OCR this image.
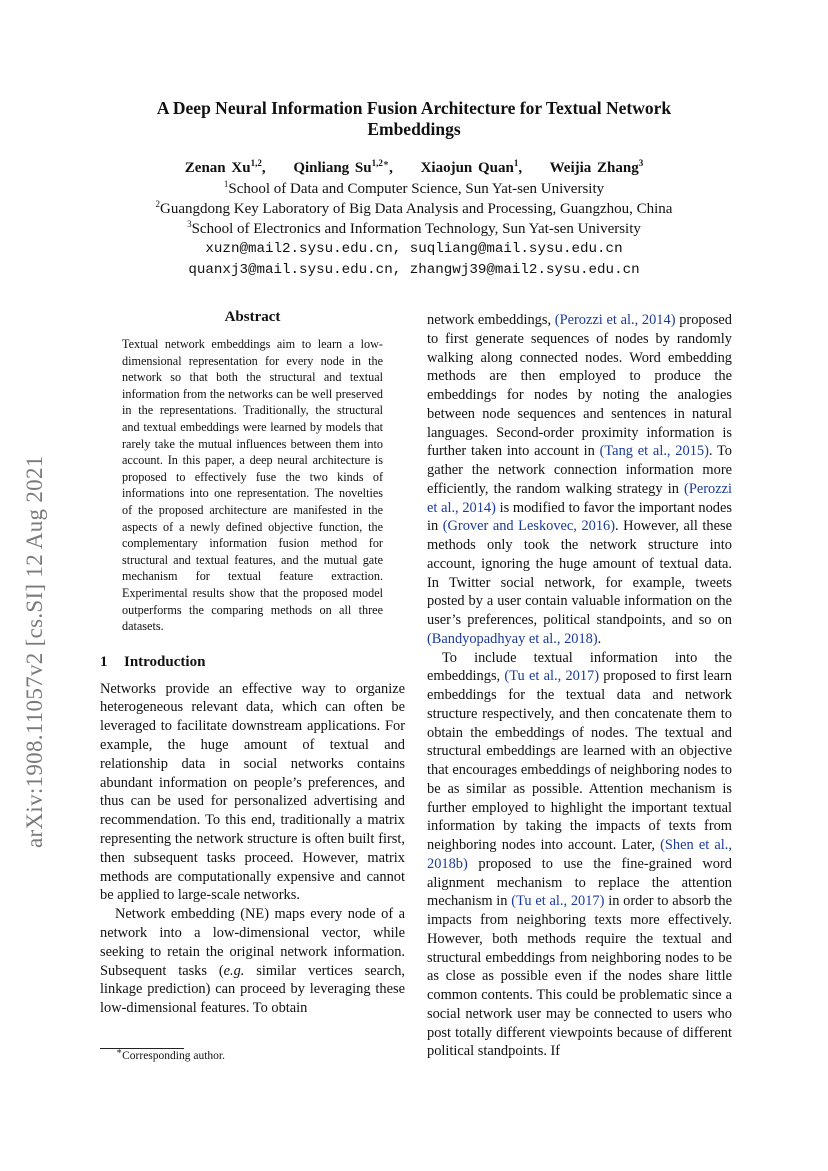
arXiv:1908.11057v2 [cs.SI] 12 Aug 2021
A Deep Neural Information Fusion Architecture for Textual Network Embeddings
Zenan Xu$^{1,2}$, Qinliang $Su^{1,2∗}$, Xiaojun Quan$^1$, Weijia Zhang$^3$
$^1$School of Data and Computer Science, Sun Yat-sen University
$^2$Guangdong Key Laboratory of Big Data Analysis and Processing, Guangzhou, China
$^3$School of Electronics and Information Technology, Sun Yat-sen University
xuzn@mail2.sysu.edu.cn, suqliang@mail.sysu.edu.cn
quanxj3@mail.sysu.edu.cn, zhangwj39@mail2.sysu.edu.cn
Abstract
Textual network embeddings aim to learn a low-dimensional representation for every node in the network so that both the structural and textual information from the networks can be well preserved in the representations. Traditionally, the structural and textual embeddings were learned by models that rarely take the mutual influences between them into account. In this paper, a deep neural architecture is proposed to effectively fuse the two kinds of informations into one representation. The novelties of the proposed architecture are manifested in the aspects of a newly defined objective function, the complementary information fusion method for structural and textual features, and the mutual gate mechanism for textual feature extraction. Experimental results show that the proposed model outperforms the comparing methods on all three datasets.
1 Introduction

Networks provide an effective way to organize heterogeneous relevant data, which can often be leveraged to facilitate downstream applications. For example, the huge amount of textual and relationship data in social networks contains abundant information on people’s preferences, and thus can be used for personalized advertising and recommendation. To this end, traditionally a matrix representing the network structure is often built first, then subsequent tasks proceed. However, matrix methods are computationally expensive and cannot be applied to large-scale networks.

Network embedding (NE) maps every node of a network into a low-dimensional vector, while seeking to retain the original network information. Subsequent tasks (e.g. similar vertices search, linkage prediction) can proceed by leveraging these low-dimensional features. To obtain

network embeddings, (Perozzi et al., 2014) proposed to first generate sequences of nodes by randomly walking along connected nodes. Word embedding methods are then employed to produce the embeddings for nodes by noting the analogies between node sequences and sentences in natural languages. Second-order proximity information is further taken into account in (Tang et al., 2015). To gather the network connection information more efficiently, the random walking strategy in (Perozzi et al., 2014) is modified to favor the important nodes in (Grover and Leskovec, 2016). However, all these methods only took the network structure into account, ignoring the huge amount of textual data. In Twitter social network, for example, tweets posted by a user contain valuable information on the user’s preferences, political standpoints, and so on (Bandyopadhyay et al., 2018).

To include textual information into the embeddings, (Tu et al., 2017) proposed to first learn embeddings for the textual data and network structure respectively, and then concatenate them to obtain the embeddings of nodes. The textual and structural embeddings are learned with an objective that encourages embeddings of neighboring nodes to be as similar as possible. Attention mechanism is further employed to highlight the important textual information by taking the impacts of texts from neighboring nodes into account. Later, (Shen et al., 2018b) proposed to use the fine-grained word alignment mechanism to replace the attention mechanism in (Tu et al., 2017) in order to absorb the impacts from neighboring texts more effectively. However, both methods require the textual and structural embeddings from neighboring nodes to be as close as possible even if the nodes share little common contents. This could be problematic since a social network user may be connected to users who post totally different viewpoints because of different political standpoints. If

∗Corresponding author.
